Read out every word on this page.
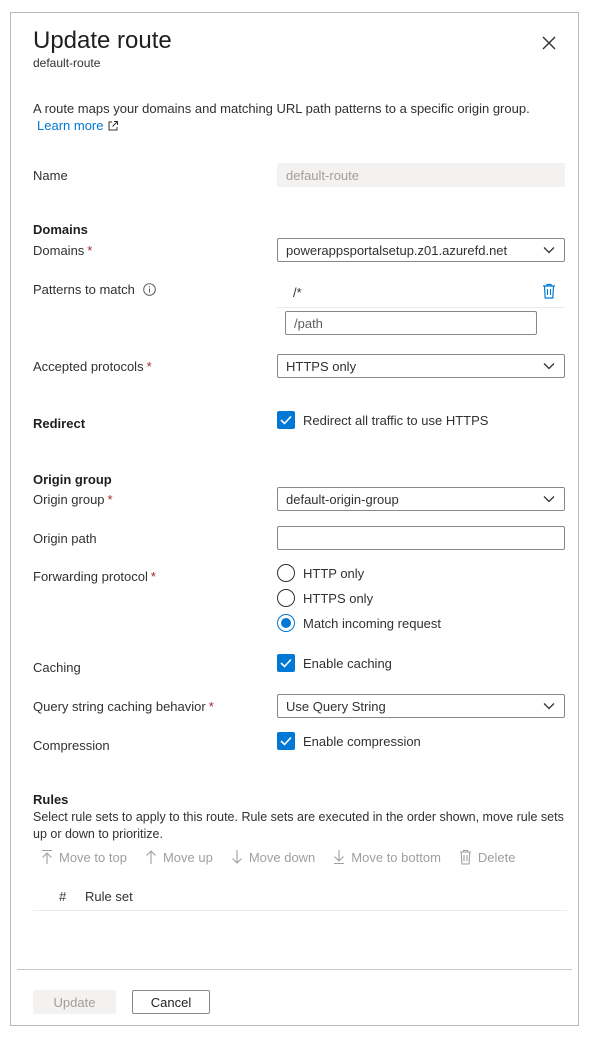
Update route
default-route
A route maps your domains and matching URL path patterns to a specific origin group.
Learn more
Name	default-route
Domains
Domains *	powerappsportalsetup.z01.azurefd.net
Patterns to match	/*
/path
Accepted protocols *	HTTPS only
Redirect	Redirect all traffic to use HTTPS
Origin group
Origin group *	default-origin-group
Origin path
Forwarding protocol *	HTTP only
HTTPS only
Match incoming request
Caching	Enable caching
Query string caching behavior *	Use Query String
Compression	Enable compression
Rules
Select rule sets to apply to this route. Rule sets are executed in the order shown, move rule sets up or down to prioritize.
Move to top	Move up	Move down	Move to bottom	Delete
#	Rule set
Update	Cancel
